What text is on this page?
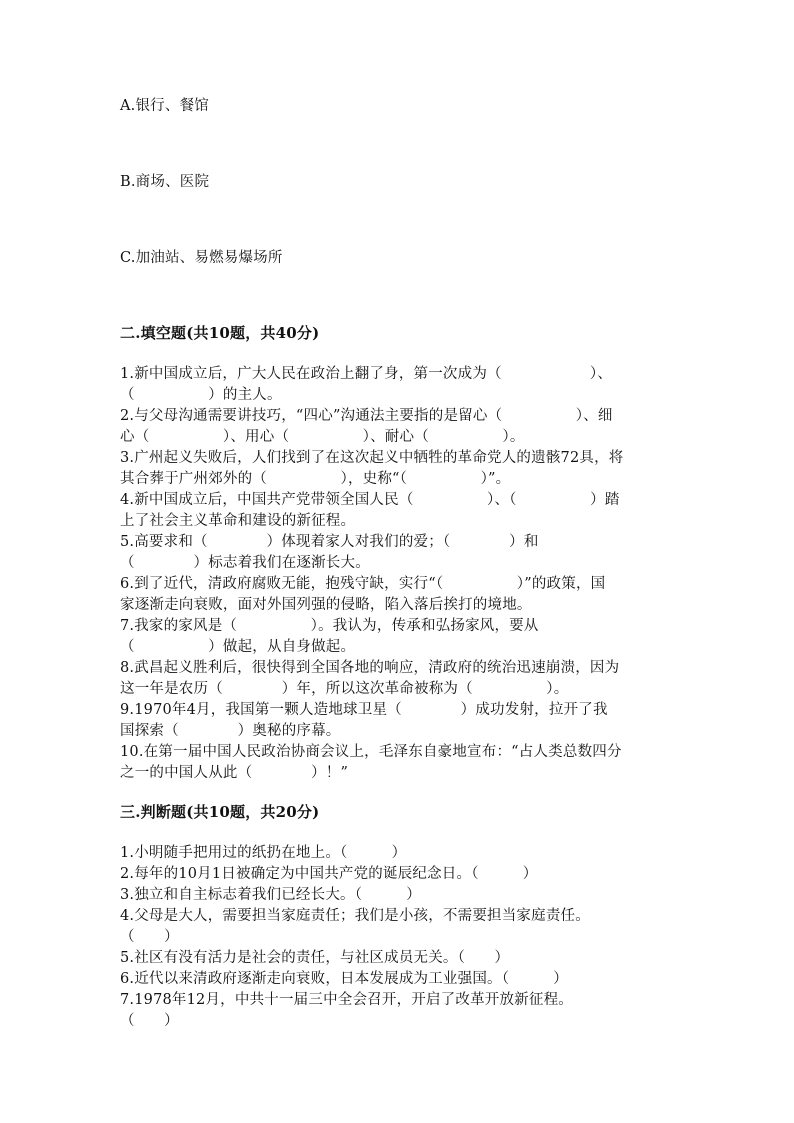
A.银行、餐馆
B.商场、医院
C.加油站、易燃易爆场所
二.填空题(共10题，共40分)
1.新中国成立后，广大人民在政治上翻了身，第一次成为（　　　　　　）、
（　　　　　）的主人。
2.与父母沟通需要讲技巧，“四心”沟通法主要指的是留心（　　　　　）、细
心（　　　　　）、用心（　　　　　）、耐心（　　　　　）。
3.广州起义失败后，人们找到了在这次起义中牺牲的革命党人的遗骸72具，将
其合葬于广州郊外的（　　　　　），史称“（　　　　　）”。
4.新中国成立后，中国共产党带领全国人民（　　　　　）、（　　　　　）踏
上了社会主义革命和建设的新征程。
5.高要求和（　　　　）体现着家人对我们的爱；（　　　　）和
（　　　　）标志着我们在逐渐长大。
6.到了近代，清政府腐败无能，抱残守缺，实行“（　　　　　）”的政策，国
家逐渐走向衰败，面对外国列强的侵略，陷入落后挨打的境地。
7.我家的家风是（　　　　　）。我认为，传承和弘扬家风，要从
（　　　　　）做起，从自身做起。
8.武昌起义胜利后，很快得到全国各地的响应，清政府的统治迅速崩溃，因为
这一年是农历（　　　　）年，所以这次革命被称为（　　　　　）。
9.1970年4月，我国第一颗人造地球卫星（　　　　）成功发射，拉开了我
国探索（　　　　）奥秘的序幕。
10.在第一届中国人民政治协商会议上，毛泽东自豪地宣布：“占人类总数四分
之一的中国人从此（　　　　）！”
三.判断题(共10题，共20分)
1.小明随手把用过的纸扔在地上。（　　　）
2.每年的10月1日被确定为中国共产党的诞辰纪念日。（　　　）
3.独立和自主标志着我们已经长大。（　　　）
4.父母是大人，需要担当家庭责任；我们是小孩，不需要担当家庭责任。
（　　）
5.社区有没有活力是社会的责任，与社区成员无关。（　　）
6.近代以来清政府逐渐走向衰败，日本发展成为工业强国。（　　　）
7.1978年12月，中共十一届三中全会召开，开启了改革开放新征程。
（　　）
